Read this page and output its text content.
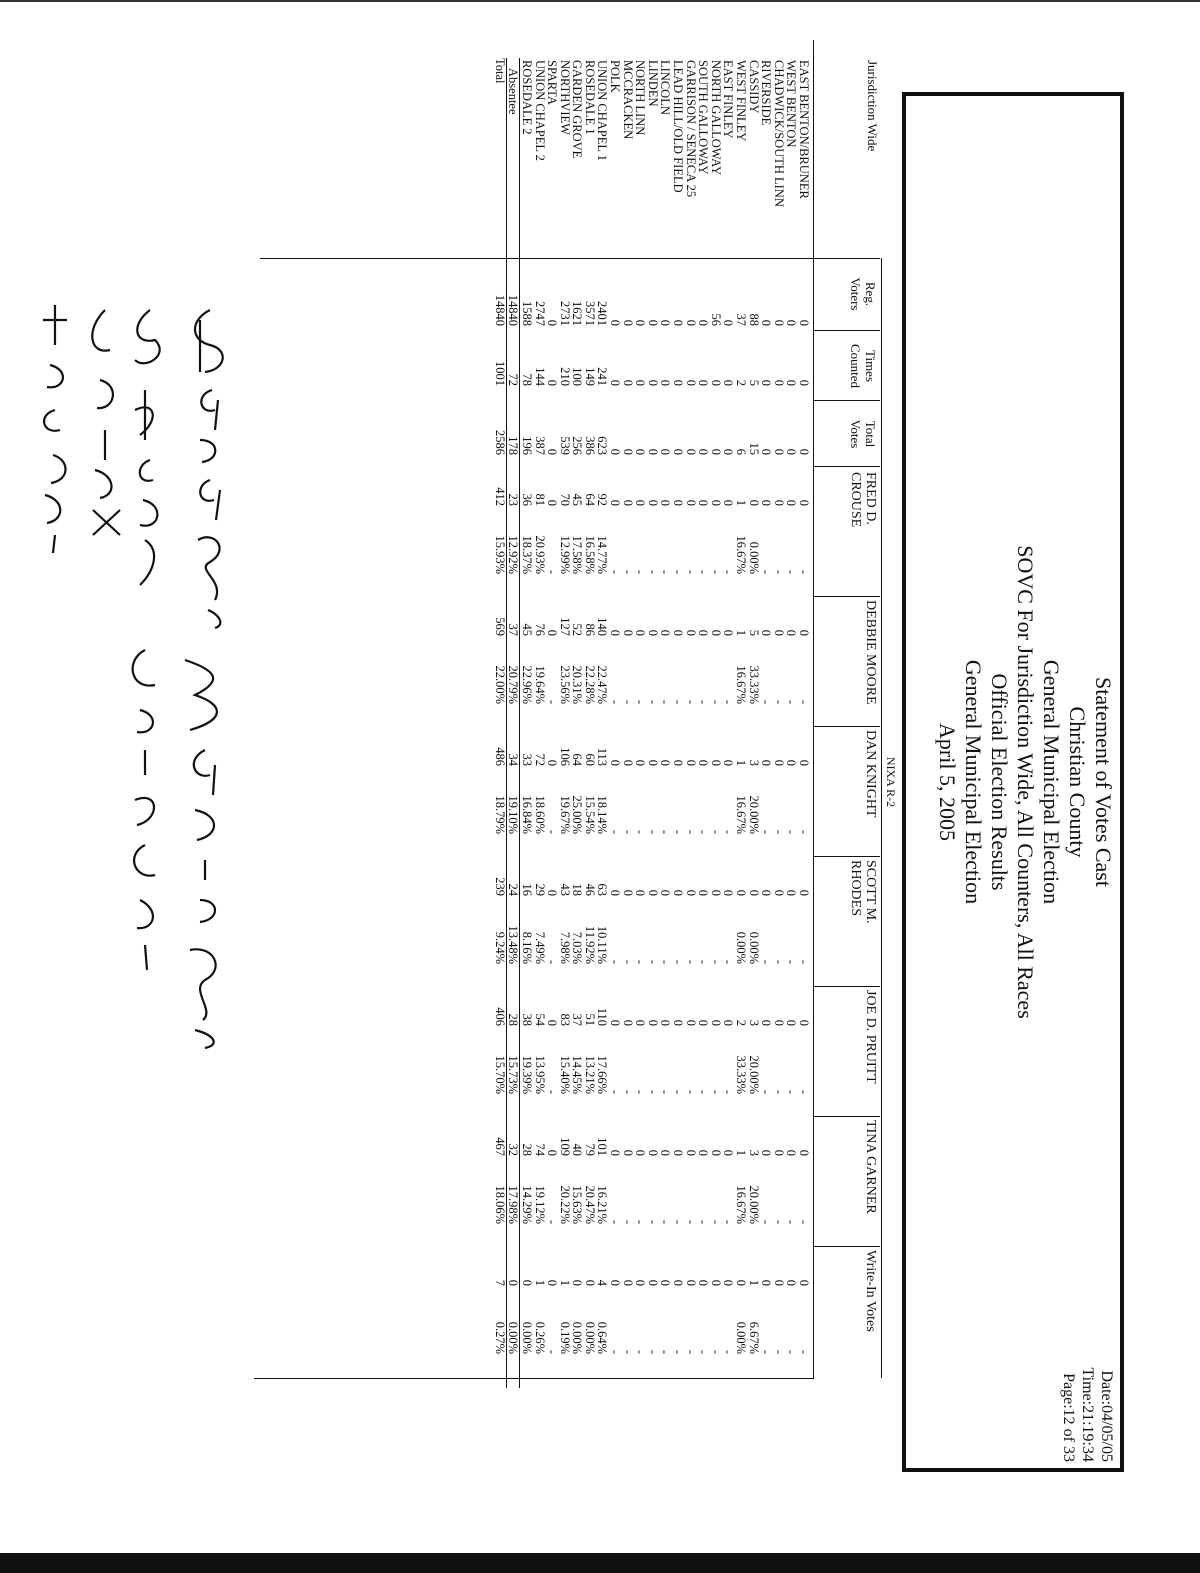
Statement of Votes Cast
Christian County
General Municipal Election
SOVC For Jurisdiction Wide, All Counters, All Races
Official Election Results
General Municipal Election
April 5, 2005
Date:04/05/05
Time:21:19:34
Page:12 of 33
NIXA R-2
Jurisdiction Wide
Reg.
Voters
Times
Counted
Total
Votes
FRED D.
CROUSE
DEBBIE MOORE
DAN KNIGHT
SCOTT M.
RHODES
JOE D. PRUITT
TINA GARNER
Write-In Votes
EAST BENTON/BRUNER
0
0
0
0
-
0
-
0
-
0
-
0
-
0
-
0
-
WEST BENTON
0
0
0
0
-
0
-
0
-
0
-
0
-
0
-
0
-
CHADWICK/SOUTH LINN
0
0
0
0
-
0
-
0
-
0
-
0
-
0
-
0
-
RIVERSIDE
0
0
0
0
-
0
-
0
-
0
-
0
-
0
-
0
-
CASSIDY
88
5
15
0
0.00%
5
33.33%
3
20.00%
0
0.00%
3
20.00%
3
20.00%
1
6.67%
WEST FINLEY
37
2
6
1
16.67%
1
16.67%
1
16.67%
0
0.00%
2
33.33%
1
16.67%
0
0.00%
EAST FINLEY
0
0
0
0
-
0
-
0
-
0
-
0
-
0
-
0
-
NORTH GALLOWAY
56
0
0
0
-
0
-
0
-
0
-
0
-
0
-
0
-
SOUTH GALLOWAY
0
0
0
0
-
0
-
0
-
0
-
0
-
0
-
0
-
GARRISON / SENECA 25
0
0
0
0
-
0
-
0
-
0
-
0
-
0
-
0
-
LEAD HILL/OLD FIELD
0
0
0
0
-
0
-
0
-
0
-
0
-
0
-
0
-
LINCOLN
0
0
0
0
-
0
-
0
-
0
-
0
-
0
-
0
-
LINDEN
0
0
0
0
-
0
-
0
-
0
-
0
-
0
-
0
-
NORTH LINN
0
0
0
0
-
0
-
0
-
0
-
0
-
0
-
0
-
MCCRACKEN
0
0
0
0
-
0
-
0
-
0
-
0
-
0
-
0
-
POLK
0
0
0
0
-
0
-
0
-
0
-
0
-
0
-
0
-
UNION CHAPEL 1
2401
241
623
92
14.77%
140
22.47%
113
18.14%
63
10.11%
110
17.66%
101
16.21%
4
0.64%
ROSEDALE 1
3571
149
386
64
16.58%
86
22.28%
60
15.54%
46
11.92%
51
13.21%
79
20.47%
0
0.00%
GARDEN GROVE
1621
100
256
45
17.58%
52
20.31%
64
25.00%
18
7.03%
37
14.45%
40
15.63%
0
0.00%
NORTHVIEW
2731
210
539
70
12.99%
127
23.56%
106
19.67%
43
7.98%
83
15.40%
109
20.22%
1
0.19%
SPARTA
0
0
0
0
-
0
-
0
-
0
-
0
-
0
-
0
-
UNION CHAPEL 2
2747
144
387
81
20.93%
76
19.64%
72
18.60%
29
7.49%
54
13.95%
74
19.12%
1
0.26%
ROSEDALE 2
1588
78
196
36
18.37%
45
22.96%
33
16.84%
16
8.16%
38
19.39%
28
14.29%
0
0.00%
Absentee
14840
72
178
23
12.92%
37
20.79%
34
19.10%
24
13.48%
28
15.73%
32
17.98%
0
0.00%
Total
14840
1001
2586
412
15.93%
569
22.00%
486
18.79%
239
9.24%
406
15.70%
467
18.06%
7
0.27%
